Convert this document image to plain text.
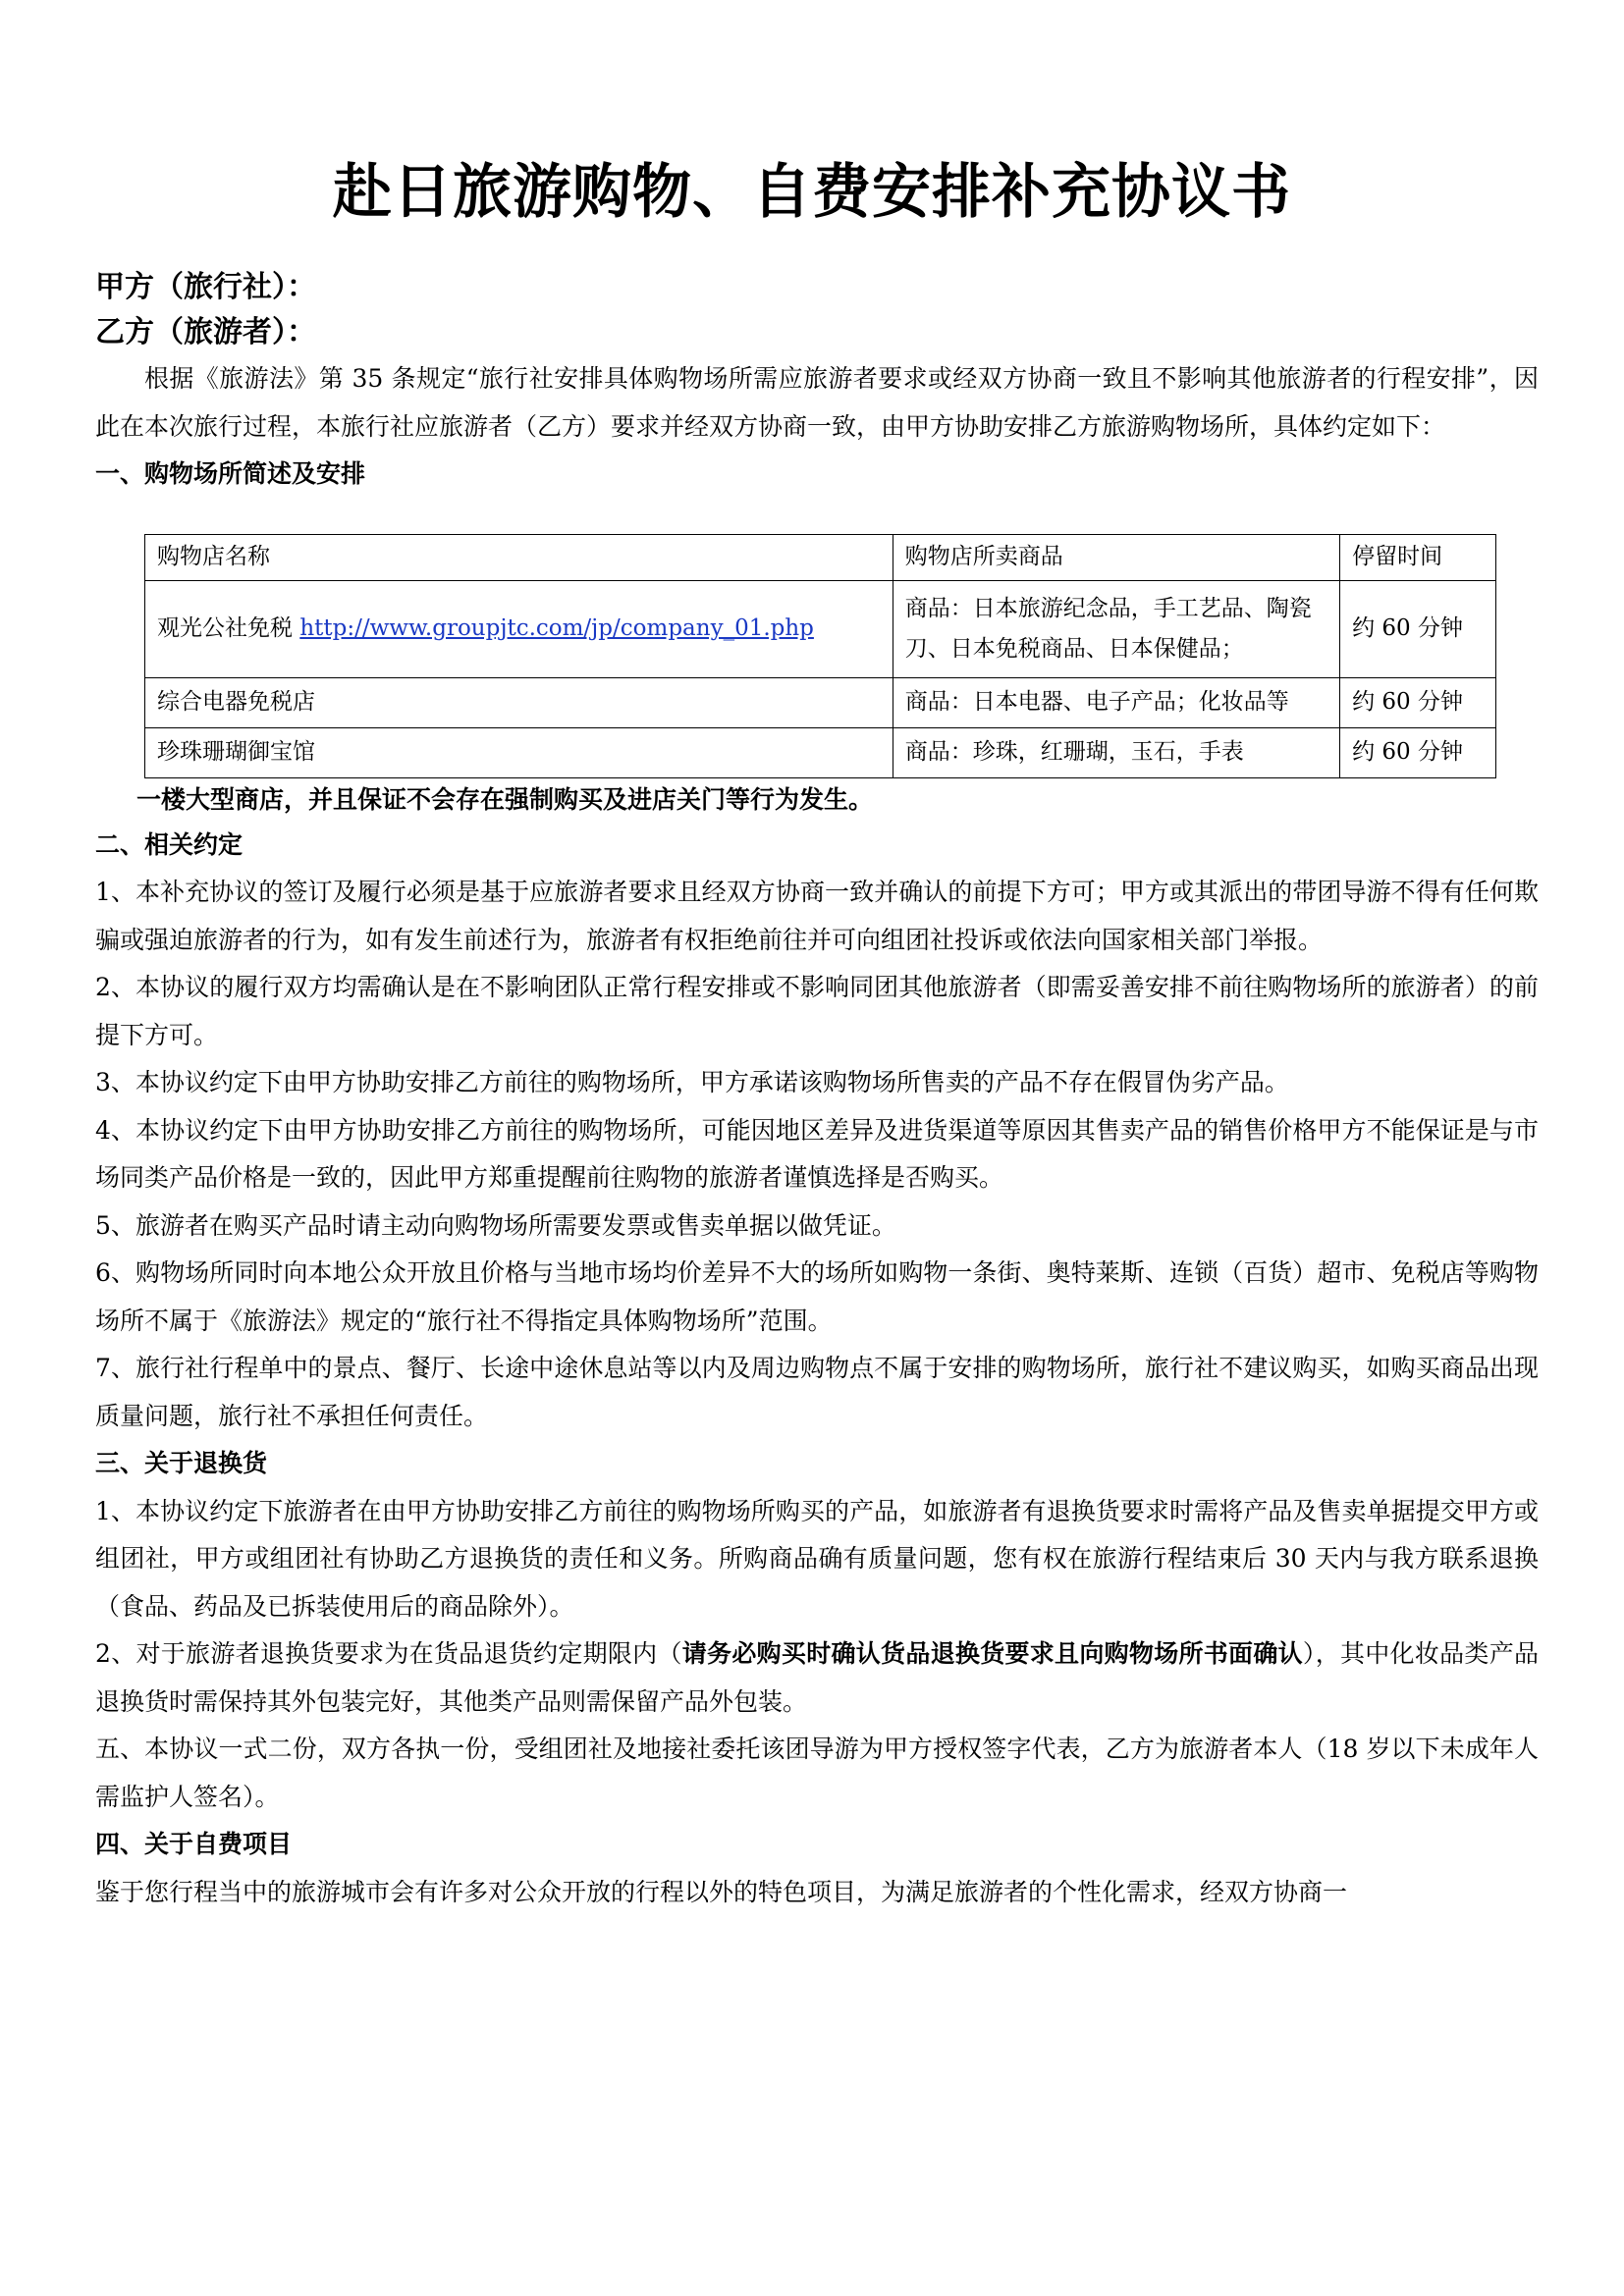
赴日旅游购物、自费安排补充协议书
甲方（旅行社）：
乙方（旅游者）：

根据《旅游法》第 35 条规定“旅行社安排具体购物场所需应旅游者要求或经双方协商一致且不影响其他旅游者的行程安排”，因此在本次旅行过程，本旅行社应旅游者（乙方）要求并经双方协商一致，由甲方协助安排乙方旅游购物场所，具体约定如下：

一、购物场所简述及安排
购物店名称	购物店所卖商品	停留时间
观光公社免税 http://www.groupjtc.com/jp/company_01.php	商品：日本旅游纪念品，手工艺品、陶瓷刀、日本免税商品、日本保健品；	约 60 分钟
综合电器免税店	商品：日本电器、电子产品；化妆品等	约 60 分钟
珍珠珊瑚御宝馆	商品：珍珠，红珊瑚，玉石，手表	约 60 分钟
一楼大型商店，并且保证不会存在强制购买及进店关门等行为发生。
二、相关约定

1、本补充协议的签订及履行必须是基于应旅游者要求且经双方协商一致并确认的前提下方可；甲方或其派出的带团导游不得有任何欺骗或强迫旅游者的行为，如有发生前述行为，旅游者有权拒绝前往并可向组团社投诉或依法向国家相关部门举报。

2、本协议的履行双方均需确认是在不影响团队正常行程安排或不影响同团其他旅游者（即需妥善安排不前往购物场所的旅游者）的前提下方可。

3、本协议约定下由甲方协助安排乙方前往的购物场所，甲方承诺该购物场所售卖的产品不存在假冒伪劣产品。

4、本协议约定下由甲方协助安排乙方前往的购物场所，可能因地区差异及进货渠道等原因其售卖产品的销售价格甲方不能保证是与市场同类产品价格是一致的，因此甲方郑重提醒前往购物的旅游者谨慎选择是否购买。

5、旅游者在购买产品时请主动向购物场所需要发票或售卖单据以做凭证。

6、购物场所同时向本地公众开放且价格与当地市场均价差异不大的场所如购物一条街、奥特莱斯、连锁（百货）超市、免税店等购物场所不属于《旅游法》规定的“旅行社不得指定具体购物场所”范围。

7、旅行社行程单中的景点、餐厅、长途中途休息站等以内及周边购物点不属于安排的购物场所，旅行社不建议购买，如购买商品出现质量问题，旅行社不承担任何责任。

三、关于退换货

1、本协议约定下旅游者在由甲方协助安排乙方前往的购物场所购买的产品，如旅游者有退换货要求时需将产品及售卖单据提交甲方或组团社，甲方或组团社有协助乙方退换货的责任和义务。所购商品确有质量问题，您有权在旅游行程结束后 30 天内与我方联系退换（食品、药品及已拆装使用后的商品除外）。

2、对于旅游者退换货要求为在货品退货约定期限内（请务必购买时确认货品退换货要求且向购物场所书面确认），其中化妆品类产品退换货时需保持其外包装完好，其他类产品则需保留产品外包装。

五、本协议一式二份，双方各执一份，受组团社及地接社委托该团导游为甲方授权签字代表，乙方为旅游者本人（18 岁以下未成年人需监护人签名）。

四、关于自费项目

鉴于您行程当中的旅游城市会有许多对公众开放的行程以外的特色项目，为满足旅游者的个性化需求，经双方协商一
